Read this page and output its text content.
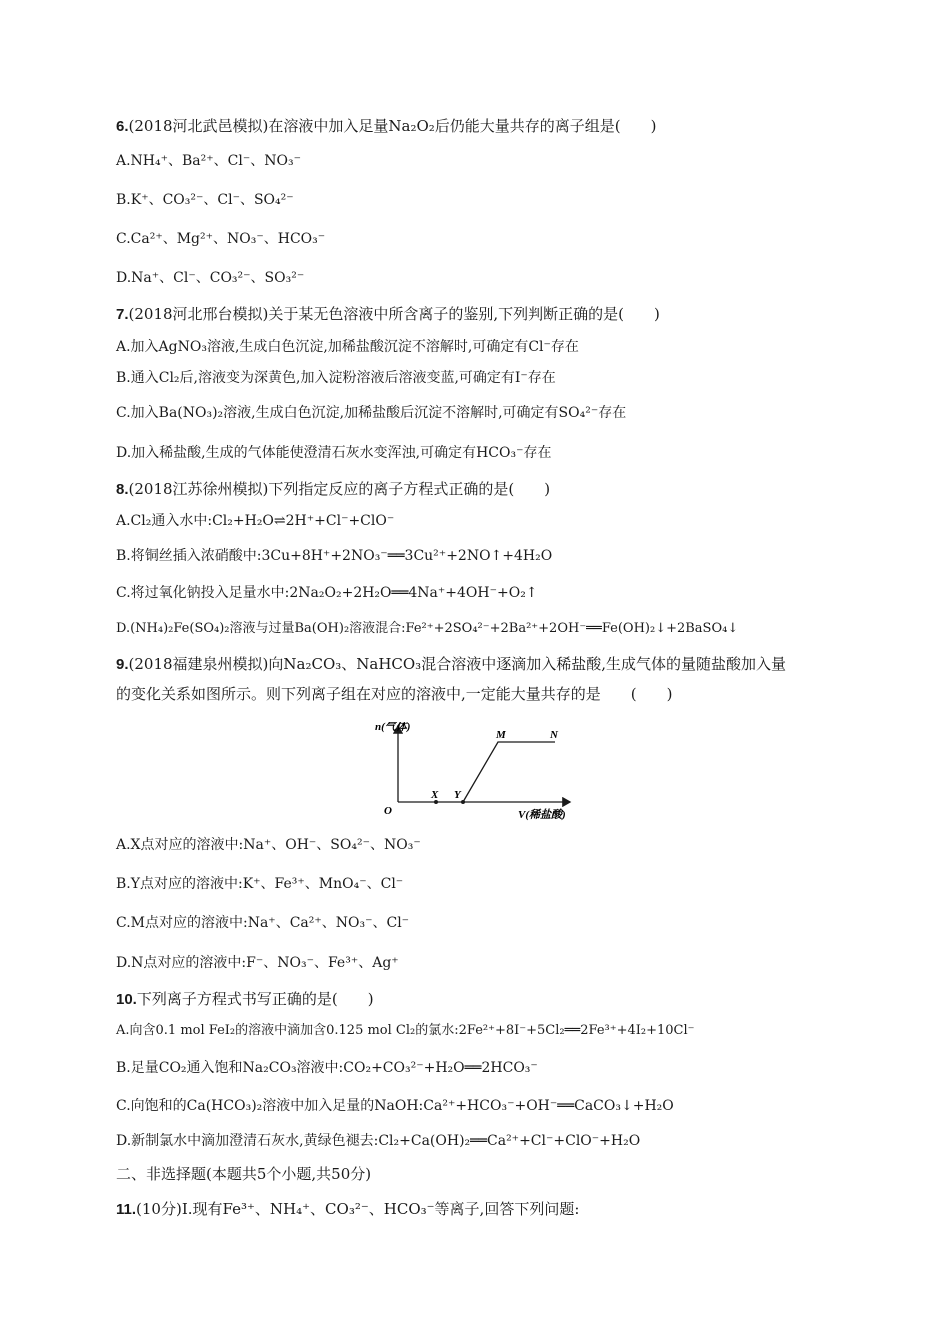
6.(2018河北武邑模拟)在溶液中加入足量Na₂O₂后仍能大量共存的离子组是(　　)
A.NH₄⁺、Ba²⁺、Cl⁻、NO₃⁻
B.K⁺、CO₃²⁻、Cl⁻、SO₄²⁻
C.Ca²⁺、Mg²⁺、NO₃⁻、HCO₃⁻
D.Na⁺、Cl⁻、CO₃²⁻、SO₃²⁻
7.(2018河北邢台模拟)关于某无色溶液中所含离子的鉴别,下列判断正确的是(　　)
A.加入AgNO₃溶液,生成白色沉淀,加稀盐酸沉淀不溶解时,可确定有Cl⁻存在
B.通入Cl₂后,溶液变为深黄色,加入淀粉溶液后溶液变蓝,可确定有I⁻存在
C.加入Ba(NO₃)₂溶液,生成白色沉淀,加稀盐酸后沉淀不溶解时,可确定有SO₄²⁻存在
D.加入稀盐酸,生成的气体能使澄清石灰水变浑浊,可确定有HCO₃⁻存在
8.(2018江苏徐州模拟)下列指定反应的离子方程式正确的是(　　)
A.Cl₂通入水中:Cl₂+H₂O⇌2H⁺+Cl⁻+ClO⁻
B.将铜丝插入浓硝酸中:3Cu+8H⁺+2NO₃⁻══3Cu²⁺+2NO↑+4H₂O
C.将过氧化钠投入足量水中:2Na₂O₂+2H₂O══4Na⁺+4OH⁻+O₂↑
D.(NH₄)₂Fe(SO₄)₂溶液与过量Ba(OH)₂溶液混合:Fe²⁺+2SO₄²⁻+2Ba²⁺+2OH⁻══Fe(OH)₂↓+2BaSO₄↓
9.(2018福建泉州模拟)向Na₂CO₃、NaHCO₃混合溶液中逐滴加入稀盐酸,生成气体的量随盐酸加入量
的变化关系如图所示。则下列离子组在对应的溶液中,一定能大量共存的是　　(　　)
n(气体)
O
X Y
M	N
V(稀盐酸)
A.X点对应的溶液中:Na⁺、OH⁻、SO₄²⁻、NO₃⁻
B.Y点对应的溶液中:K⁺、Fe³⁺、MnO₄⁻、Cl⁻
C.M点对应的溶液中:Na⁺、Ca²⁺、NO₃⁻、Cl⁻
D.N点对应的溶液中:F⁻、NO₃⁻、Fe³⁺、Ag⁺
10.下列离子方程式书写正确的是(　　)
A.向含0.1 mol FeI₂的溶液中滴加含0.125 mol Cl₂的氯水:2Fe²⁺+8I⁻+5Cl₂══2Fe³⁺+4I₂+10Cl⁻
B.足量CO₂通入饱和Na₂CO₃溶液中:CO₂+CO₃²⁻+H₂O══2HCO₃⁻
C.向饱和的Ca(HCO₃)₂溶液中加入足量的NaOH:Ca²⁺+HCO₃⁻+OH⁻══CaCO₃↓+H₂O
D.新制氯水中滴加澄清石灰水,黄绿色褪去:Cl₂+Ca(OH)₂══Ca²⁺+Cl⁻+ClO⁻+H₂O
二、非选择题(本题共5个小题,共50分)
11.(10分)Ⅰ.现有Fe³⁺、NH₄⁺、CO₃²⁻、HCO₃⁻等离子,回答下列问题:
